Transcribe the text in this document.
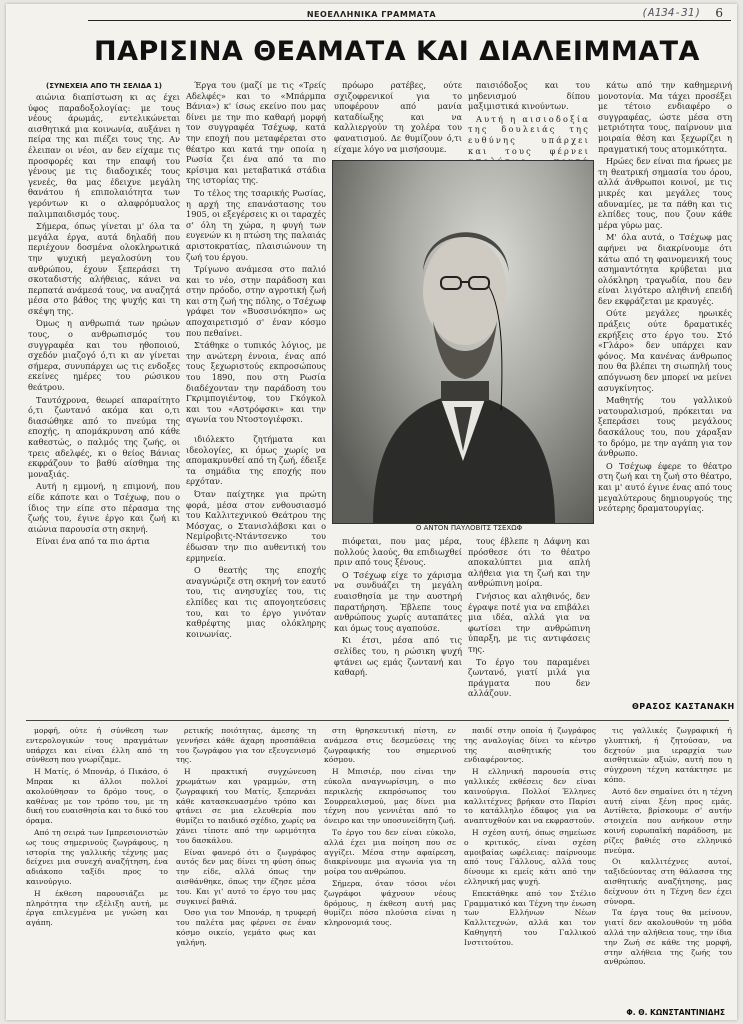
ΝΕΟΕΛΛΗΝΙΚΑ ΓΡΑΜΜΑΤΑ	(Α134-31) 6
ΠΑΡΙΣΙΝΑ ΘΕΑΜΑΤΑ ΚΑΙ ΔΙΑΛΕΙΜΜΑΤΑ
(ΣΥΝΕΧΕΙΑ ΑΠΟ ΤΗ ΣΕΛΙΔΑ 1)

αιώνια διαπίστωση κι ας έχει ύφος παραδοξολογίας: με τους νέους άρωμάς, εντελικώνεται αισθητικά μια κοινωνία, αυξάνει η πείρα της και πιέζει τους της. Αν έλειπαν οι νέοι, αν δεν είχαμε τις προσφορές και την επαφή του γένους με τις διαδοχικές τους γενεές, θα μας έδειχνε μεγάλη θανάτου ή επιπολαιότητα των γερόντων κι ο αλαφρόμυαλος παλιμπαιδισμός τους.

Σήμερα, όπως γίνεται μ' όλα τα μεγάλα έργα, αυτά δηλαδή που περιέχουν δοσμένα ολοκληρωτικά την ψυχική μεγαλοσύνη του ανθρώπου, έχουν ξεπεράσει τη σκοταδιστής αλήθειας, κάνει να περπατά ανάμεσά τους, να αναζητά μέσα στο βάθος της ψυχής και τη σκέψη της.

Όμως η ανθρωπιά των ηρώων τους, ο ανθρωπισμός του συγγραφέα και του ηθοποιού, σχεδόν μιαζογό ό,τι κι αν γίνεται σήμερα, συνυπάρχει ως τις ενδοξες εκείνες ημέρες του ρώσικου θεάτρου.

Ταυτόχρονα, θεωρεί απαραίτητο ό,τι ζωντανό ακόμα και ο,τι διασώθηκε από το πνεύμα της εποχής, η απομάκρυνση από κάθε καθεστώς, ο παλμός της ζωής, οι τρεις αδελφές, κι ο θείος Βάνιας εκφράζουν το βαθύ αίσθημα της μοναξιάς.

Αυτή η εμμονή, η επιμονή, που είδε κάποτε και ο Τσέχωφ, που ο ίδιος την είπε στο πέρασμα της ζωής του, έγινε έργο και ζωή κι αιώνια παρουσία στη σκηνή.

Είναι ένα από τα πιο άρτια

Έργα του (μαζί με τις «Τρείς Αδελφές» και το «Μπάρμπα Βάνια») κ' ίσως εκείνο που μας δίνει με την πιο καθαρή μορφή τον συγγραφέα Τσέχωφ, κατά την εποχή που μεταφέρεται στο θέατρο και κατά την οποία η Ρωσία ζει ένα από τα πιο κρίσιμα και μεταβατικά στάδια της ιστορίας της.

Το τέλος της τσαρικής Ρωσίας, η αρχή της επανάστασης του 1905, οι εξεγέρσεις κι οι ταραχές σ' όλη τη χώρα, η φυγή των ευγενών κι η πτώση της παλαιάς αριστοκρατίας, πλαισιώνουν τη ζωή του έργου.

Τρίγωνο ανάμεσα στο παλιό και το νέο, στην παράδοση και στην πρόοδο, στην αγροτική ζωή και στη ζωή της πόλης, ο Τσέχωφ γράφει τον «Βυσσινόκηπο» ως αποχαιρετισμό σ' έναν κόσμο που πεθαίνει.

Στάθηκε ο τυπικός λόγιος, με την ανώτερη έννοια, ένας από τους ξεχωριστούς εκπροσώπους του 1890, που στη Ρωσία διαδέχονταν την παράδοση του Γκριμπογιέντοφ, του Γκόγκολ και του «Αστρόφσκι» και την αγωνία του Ντοστογιέφσκι.

πρόωρο ρατέβες, ούτε σχιζοφρενικοί για το υποφέρουν από μανία καταδίωξης και να καλλιεργούν τη χολέρα του φανατισμού. Δε θυμίζουν ό,τι είχαμε λόγο να μισήσουμε.

παισιόδοξος και του μηδενισμού δίπου μαξιμιστικά κινούντων.

Αυτή η αισιοδοξία της δουλειάς της ευθύνης υπάρχει και τους φέρνει

κάτω από την καθημερινή μονοτονία. Μα τάχει προσέξει με τέτοιο ενδιαφέρο ο συγγραφέας, ώστε μέσα στη μετριότητα τους, παίρνουν μια μοιραία θέση και ξεχωρίζει η πραγματική τους ατομικότητα.

Ηρώες δεν είναι πια ήρωες με τη θεατρική σημασία του όρου, αλλά άνθρωποι κοινοί, με τις μικρές και μεγάλες τους αδυναμίες, με τα πάθη και τις ελπίδες τους, που ζουν κάθε μέρα γύρω μας.

Μ' όλα αυτά, ο Τσέχωφ μας αφήνει να διακρίνουμε ότι κάτω από τη φαινομενική τους ασημαντότητα κρύβεται μια ολόκληρη τραγωδία, που δεν είναι λιγότερο αληθινή επειδή δεν εκφράζεται με κραυγές.

Ούτε μεγάλες ηρωικές πράξεις ούτε δραματικές εκρήξεις στο έργο του. Στό «Γλάρο» δεν υπάρχει καν φόνος. Μα κανένας άνθρωπος που θα βλέπει τη σιωπηλή τους απόγνωση δεν μπορεί να μείνει ασυγκίνητος.

Μαθητής του γαλλικού νατουραλισμού, πρόκειται να ξεπεράσει τους μεγάλους δασκάλους του, που χάραξαν το δρόμο, με την αγάπη για τον άνθρωπο.

Ο Τσέχωφ έφερε το θέατρο στη ζωή και τη ζωή στο θέατρο, και μ' αυτό έγινε ένας από τους μεγαλύτερους δημιουργούς της νεότερης δραματουργίας.

Ο ΑΝΤΟΝ ΠΑΥΛΟΒΙΤΣ ΤΣΕΧΩΦ

ιδιόλεκτο ζητήματα και ιδεολογίες, κι όμως χωρίς να απομακρυνθεί από τη ζωή, έδειξε τα σημάδια της εποχής που ερχόταν.

Όταν παίχτηκε για πρώτη φορά, μέσα στον ενθουσιασμό του Καλλιτεχνικού Θεάτρου της Μόσχας, ο Στανισλάβσκι και ο Νεμίροβιτς-Ντάντσενκο του έδωσαν την πιο αυθεντική του ερμηνεία.

Ο θεατής της εποχής αναγνώριζε στη σκηνή τον εαυτό του, τις ανησυχίες του, τις ελπίδες και τις απογοητεύσεις του, και το έργο γινόταν καθρέφτης μιας ολόκληρης κοινωνίας.

πιόφεται, που μας μέρα, πολλούς λαούς, θα επιδιωχθεί πριν από τους ξένους.

Ο Τσέχωφ είχε το χάρισμα να συνδυάζει τη μεγάλη ευαισθησία με την αυστηρή παρατήρηση. Έβλεπε τους ανθρώπους χωρίς αυταπάτες και όμως τους αγαπούσε.

Κι έτσι, μέσα από τις σελίδες του, η ρώσικη ψυχή φτάνει ως εμάς ζωντανή και καθαρή.

τους έβλεπε η Δάφνη και πρόσθεσε ότι το θέατρο αποκαλύπτει μια απλή αλήθεια για τη ζωή και την ανθρώπινη μοίρα.

Γνήσιος και αληθινός, δεν έγραψε ποτέ για να επιβάλει μια ιδέα, αλλά για να φωτίσει την ανθρώπινη ύπαρξη, με τις αντιφάσεις της.

Το έργο του παραμένει ζωντανό, γιατί μιλά για πράγματα που δεν αλλάζουν.

ΘΡΑΣΟΣ ΚΑΣΤΑΝΑΚΗ

μορφή, ούτε ή σύνθεση των εντερολογικών τους πραγμάτων υπάρχει και είναι έλλη από τη σύνθεση που γνωρίζαμε.

Η Ματίς, ό Μπονάρ, ό Πικάσο, ό Μπρακ κι άλλοι πολλοί ακολούθησαν το δρόμο τους, ο καθένας με τον τρόπο του, με τη δική του ευαισθησία και το δικό του όραμα.

Από τη σειρά των Ιμπρεσιονιστών ως τους σημερινούς ζωγράφους, η ιστορία της γαλλικής τέχνης μας δείχνει μια συνεχή αναζήτηση, ένα αδιάκοπο ταξίδι προς το καινούργιο.

Η έκθεση παρουσιάζει με πληρότητα την εξέλιξη αυτή, με έργα επιλεγμένα με γνώση και αγάπη.

ρετικής ποιότητας, άμεσης τη γεννήσει κάθε άχαρη προσπάθεια του ζωγράφου για τον εξευγενισμό της.

Η πρακτική συγχώνευση χρωμάτων και γραμμών, στη ζωγραφική του Ματίς, ξεπερνάει κάθε κατασκευασμένο τρόπο και φτάνει σε μια ελευθερία που θυμίζει το παιδικό σχέδιο, χωρίς να χάνει τίποτε από την ωριμότητα του δασκάλου.

Είναι φανερό ότι ο ζωγράφος αυτός δεν μας δίνει τη φύση όπως την είδε, αλλά όπως την αισθάνθηκε, όπως την έζησε μέσα του. Και γι' αυτό το έργο του μας συγκινεί βαθιά.

Όσο για τον Μπονάρ, η τρυφερή του παλέτα μας φέρνει σε έναν κόσμο οικείο, γεμάτο φως και γαλήνη.

στη θρησκευτική πίστη, εν ανάμεσα στις δεσμεύσεις της ζωγραφικής του σημερινού κόσμου.

Η Μπισιέρ, που είναι την εύκολα αναγνωρίσιμη, ο πιο περικλεής εκπρόσωπος του Σουρρεαλισμού, μας δίνει μια τέχνη που γεννιέται από το όνειρο και την υποσυνείδητη ζωή.

Το έργο του δεν είναι εύκολο, αλλά έχει μια ποίηση που σε αγγίζει. Μέσα στην αφαίρεση, διακρίνουμε μια αγωνία για τη μοίρα του ανθρώπου.

Σήμερα, όταν τόσοι νέοι ζωγράφοι ψάχνουν νέους δρόμους, η έκθεση αυτή μας θυμίζει πόσο πλούσια είναι η κληρονομιά τους.

παιδί στην οποία ή ζωγράφος της αναλογίας δίνει το κέντρο της αισθητικής του ενδιαφέροντος.

Η ελληνική παρουσία στις γαλλικές εκθέσεις δεν είναι καινούργια. Πολλοί Έλληνες καλλιτέχνες βρήκαν στο Παρίσι το κατάλληλο έδαφος για να αναπτυχθούν και να εκφραστούν.

Η σχέση αυτή, όπως σημείωσε ο κριτικός, είναι σχέση αμοιβαίας ωφέλειας: παίρνουμε από τους Γάλλους, αλλά τους δίνουμε κι εμείς κάτι από την ελληνική μας ψυχή.

Επεκτάθηκε από τον Στέλιο Γραμματικό και Τέχνη την ένωση των Ελλήνων Νέων Καλλιτεχνών, αλλά και τον Καθηγητή του Γαλλικού Ινστιτούτου.

τις γαλλικές ζωγραφική ή γλυπτική, ή ζητούσαν, να δεχτούν μια ιεραρχία των αισθητικών αξιών, αυτή που η σύγχρονη τέχνη κατάκτησε με κόπο.

Αυτό δεν σημαίνει ότι η τέχνη αυτή είναι ξένη προς εμάς. Αντίθετα, βρίσκουμε σ' αυτήν στοιχεία που ανήκουν στην κοινή ευρωπαϊκή παράδοση, με ρίζες βαθιές στο ελληνικό πνεύμα.

Οι καλλιτέχνες αυτοί, ταξιδεύοντας στη θάλασσα της αισθητικής αναζήτησης, μας δείχνουν ότι η Τέχνη δεν έχει σύνορα.

Τα έργα τους θα μείνουν, γιατί δεν ακολουθούν τη μόδα αλλά την αλήθεια τους, την ίδια την Ζωή σε κάθε της μορφή, στην αλήθεια της ζωής του ανθρώπου.

Φ. Θ. ΚΩΝΣΤΑΝΤΙΝΙΔΗΣ
